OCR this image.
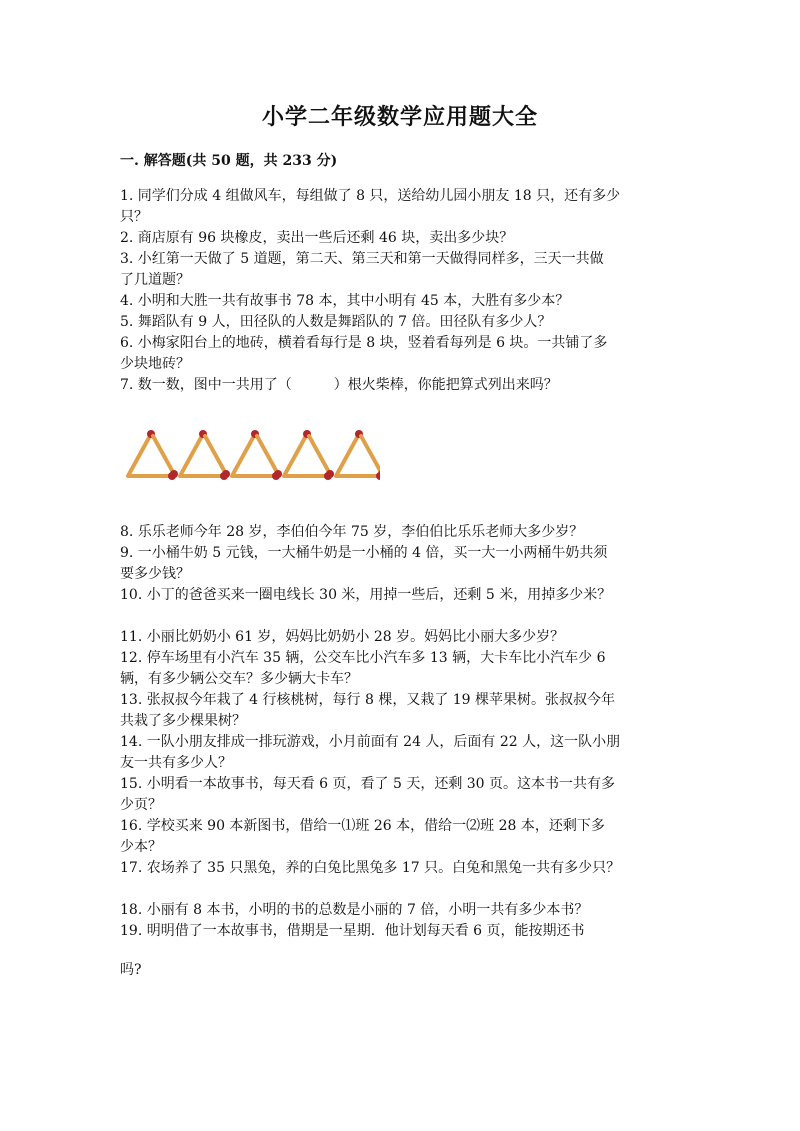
小学二年级数学应用题大全
一. 解答题(共 50 题，共 233 分)
1. 同学们分成 4 组做风车，每组做了 8 只，送给幼儿园小朋友 18 只，还有多少
只？
2. 商店原有 96 块橡皮，卖出一些后还剩 46 块，卖出多少块？
3. 小红第一天做了 5 道题，第二天、第三天和第一天做得同样多，三天一共做
了几道题？
4. 小明和大胜一共有故事书 78 本，其中小明有 45 本，大胜有多少本？
5. 舞蹈队有 9 人，田径队的人数是舞蹈队的 7 倍。田径队有多少人？
6. 小梅家阳台上的地砖，横着看每行是 8 块，竖着看每列是 6 块。一共铺了多
少块地砖？
7. 数一数，图中一共用了（　　　）根火柴棒，你能把算式列出来吗？
8. 乐乐老师今年 28 岁，李伯伯今年 75 岁，李伯伯比乐乐老师大多少岁？
9. 一小桶牛奶 5 元钱，一大桶牛奶是一小桶的 4 倍，买一大一小两桶牛奶共须
要多少钱？
10. 小丁的爸爸买来一圈电线长 30 米，用掉一些后，还剩 5 米，用掉多少米？
11. 小丽比奶奶小 61 岁，妈妈比奶奶小 28 岁。妈妈比小丽大多少岁？
12. 停车场里有小汽车 35 辆，公交车比小汽车多 13 辆，大卡车比小汽车少 6
辆，有多少辆公交车？多少辆大卡车？
13. 张叔叔今年栽了 4 行核桃树，每行 8 棵，又栽了 19 棵苹果树。张叔叔今年
共栽了多少棵果树？
14. 一队小朋友排成一排玩游戏，小月前面有 24 人，后面有 22 人，这一队小朋
友一共有多少人？
15. 小明看一本故事书，每天看 6 页，看了 5 天，还剩 30 页。这本书一共有多
少页？
16. 学校买来 90 本新图书，借给一⑴班 26 本，借给一⑵班 28 本，还剩下多
少本？
17. 农场养了 35 只黑兔，养的白兔比黑兔多 17 只。白兔和黑兔一共有多少只？
18. 小丽有 8 本书，小明的书的总数是小丽的 7 倍，小明一共有多少本书？
19. 明明借了一本故事书，借期是一星期．他计划每天看 6 页，能按期还书
吗?
